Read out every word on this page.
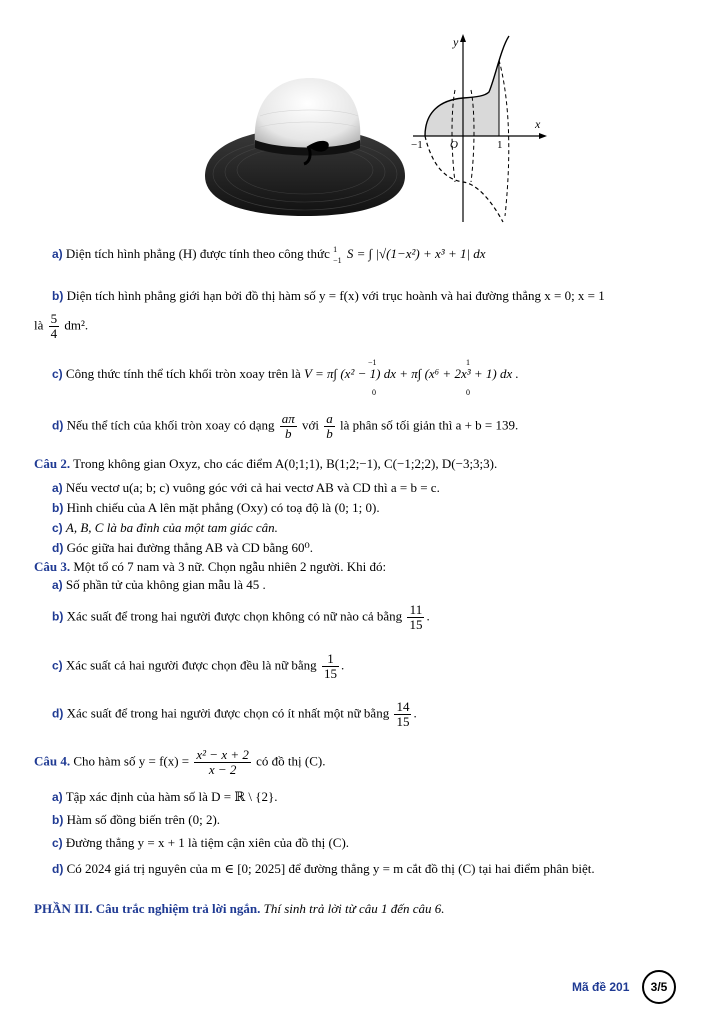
y
x
−1 O	1
a) Diện tích hình phẳng (H) được tính theo công thức 1
−1 S = ∫ |√(1−x²) + x³ + 1| dx
b) Diện tích hình phẳng giới hạn bởi đồ thị hàm số y = f(x) với trục hoành và hai đường thẳng x = 0; x = 1
là $\frac{5}{4} dm^2$.
c) Công thức tính thể tích khối tròn xoay trên là V = π∫ (x² − 1) dx + π∫ (x⁶ + 2x³ + 1) dx .
−1
0
1
0
d) Nếu thể tích của khối tròn xoay có dạng $\frac{a\pi}{b}$ với $\frac{a}{b}$ là phân số tối giản thì a + b = 139.
Câu 2. Trong không gian Oxyz, cho các điểm A(0;1;1), B(1;2;−1), C(−1;2;2), D(−3;3;3).
a) Nếu vectơ u(a; b; c) vuông góc với cả hai vectơ AB và CD thì a = b = c.
b) Hình chiếu của A lên mặt phẳng (Oxy) có toạ độ là (0; 1; 0).
c) A, B, C là ba đỉnh của một tam giác cân.
d) Góc giữa hai đường thẳng AB và CD bằng 60⁰.
Câu 3. Một tổ có 7 nam và 3 nữ. Chọn ngẫu nhiên 2 người. Khi đó:
a) Số phần tử của không gian mẫu là 45 .
b) Xác suất để trong hai người được chọn không có nữ nào cả bằng $\frac{11}{15}$ .
c) Xác suất cả hai người được chọn đều là nữ bằng $\frac{1}{15}$ .
d) Xác suất để trong hai người được chọn có ít nhất một nữ bằng $\frac{14}{15}$ .
Câu 4. Cho hàm số $y = f(x) = \frac{\text{x² − x + 2}}{x - 2}$ có đồ thị (C).
a) Tập xác định của hàm số là D = ℝ \ {2}.
b) Hàm số đồng biến trên (0; 2).
c) Đường thẳng y = x + 1 là tiệm cận xiên của đồ thị (C).
d) Có 2024 giá trị nguyên của m ∈ [0; 2025] để đường thẳng y = m cắt đồ thị (C) tại hai điểm phân biệt.
PHẦN III. Câu trắc nghiệm trả lời ngắn. Thí sinh trả lời từ câu 1 đến câu 6.
Mã đề 201	3/5
